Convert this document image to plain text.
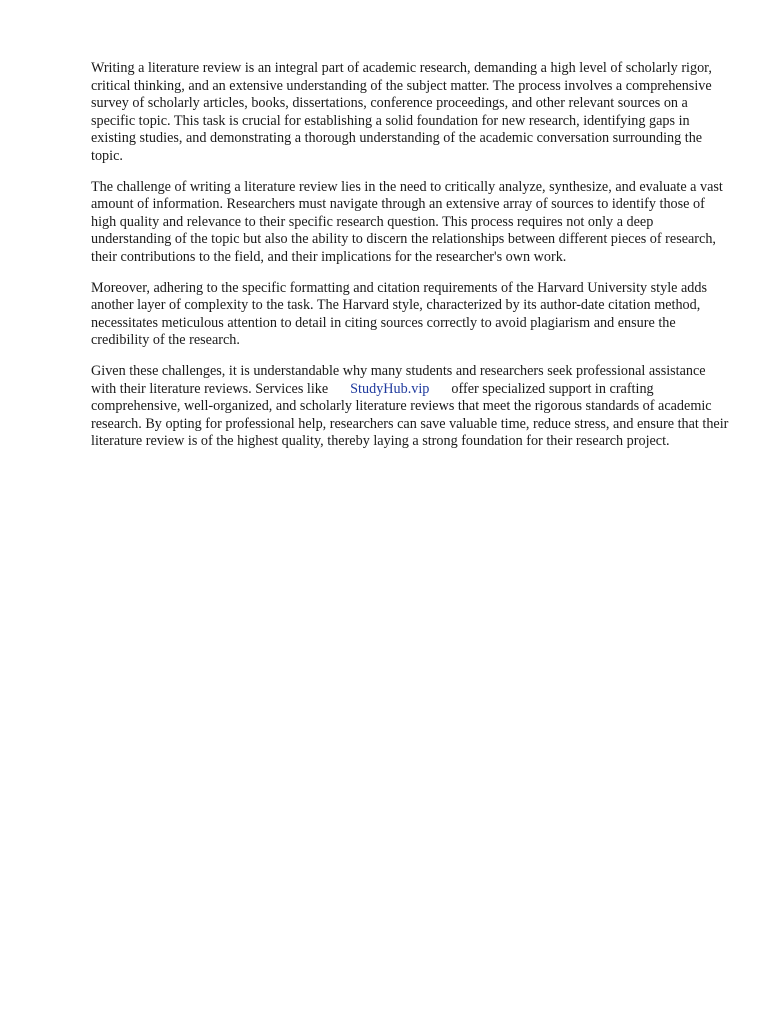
Writing a literature review is an integral part of academic research, demanding a high level of scholarly rigor, critical thinking, and an extensive understanding of the subject matter. The process involves a comprehensive survey of scholarly articles, books, dissertations, conference proceedings, and other relevant sources on a specific topic. This task is crucial for establishing a solid foundation for new research, identifying gaps in existing studies, and demonstrating a thorough understanding of the academic conversation surrounding the topic.

The challenge of writing a literature review lies in the need to critically analyze, synthesize, and evaluate a vast amount of information. Researchers must navigate through an extensive array of sources to identify those of high quality and relevance to their specific research question. This process requires not only a deep understanding of the topic but also the ability to discern the relationships between different pieces of research, their contributions to the field, and their implications for the researcher's own work.

Moreover, adhering to the specific formatting and citation requirements of the Harvard University style adds another layer of complexity to the task. The Harvard style, characterized by its author-date citation method, necessitates meticulous attention to detail in citing sources correctly to avoid plagiarism and ensure the credibility of the research.

Given these challenges, it is understandable why many students and researchers seek professional assistance with their literature reviews. Services like StudyHub.vip offer specialized support in crafting comprehensive, well-organized, and scholarly literature reviews that meet the rigorous standards of academic research. By opting for professional help, researchers can save valuable time, reduce stress, and ensure that their literature review is of the highest quality, thereby laying a strong foundation for their research project.
